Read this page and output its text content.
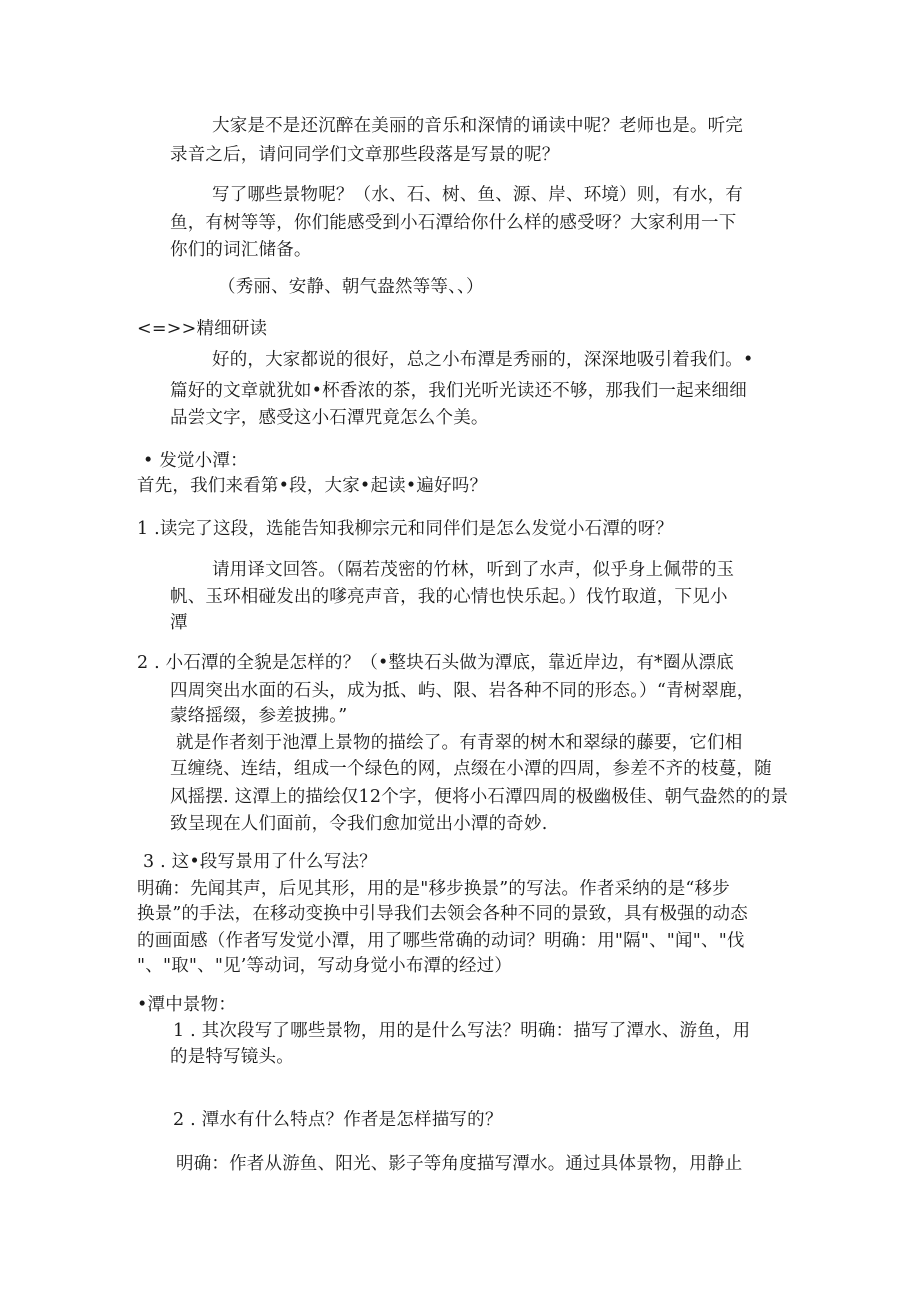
大家是不是还沉醉在美丽的音乐和深情的诵读中呢？老师也是。听完
录音之后，请问同学们文章那些段落是写景的呢？
写了哪些景物呢？（水、石、树、鱼、源、岸、环境）则，有水，有
鱼，有树等等，你们能感受到小石潭给你什么样的感受呀？大家利用一下
你们的词汇储备。
（秀丽、安静、朝气盎然等等、、）
<=>>精细研读
好的，大家都说的很好，总之小布潭是秀丽的，深深地吸引着我们。•
篇好的文章就犹如•杯香浓的茶，我们光听光读还不够，那我们一起来细细
品尝文字，感受这小石潭咒竟怎么个美。
• 发觉小潭：
首先，我们来看第•段，大家•起读•遍好吗？
1 .读完了这段，选能告知我柳宗元和同伴们是怎么发觉小石潭的呀？
请用译文回答。（隔若茂密的竹林，听到了水声，似乎身上佩带的玉
帆、玉环相碰发出的嗲亮声音，我的心情也快乐起。）伐竹取道，下见小
潭
2 . 小石潭的全貌是怎样的？（•整块石头做为潭底，靠近岸边，有*圈从漂底
四周突出水面的石头，成为抵、屿、限、岩各种不同的形态。）“青树翠鹿，
蒙络摇缀，参差披拂。”
就是作者刻于池潭上景物的描绘了。有青翠的树木和翠绿的藤要，它们相
互缠绕、连结，组成一个绿色的网，点缀在小潭的四周，参差不齐的枝蔓，随
风摇摆. 这潭上的描绘仅12个字，便将小石潭四周的极幽极佳、朝气盎然的的景
致呈现在人们面前，令我们愈加觉出小潭的奇妙.
3 . 这•段写景用了什么写法？
明确：先闻其声，后见其形，用的是"移步换景”的写法。作者采纳的是“移步
换景”的手法，在移动变换中引导我们去领会各种不同的景致，具有极强的动态
的画面感（作者写发觉小潭，用了哪些常确的动词？明确：用"隔"、"闻"、"伐
"、"取"、"见’等动词，写动身觉小布潭的经过）
•潭中景物：
1 . 其次段写了哪些景物，用的是什么写法？明确：描写了潭水、游鱼，用
的是特写镜头。
2 . 潭水有什么特点？作者是怎样描写的？
明确：作者从游鱼、阳光、影子等角度描写潭水。通过具体景物，用静止
